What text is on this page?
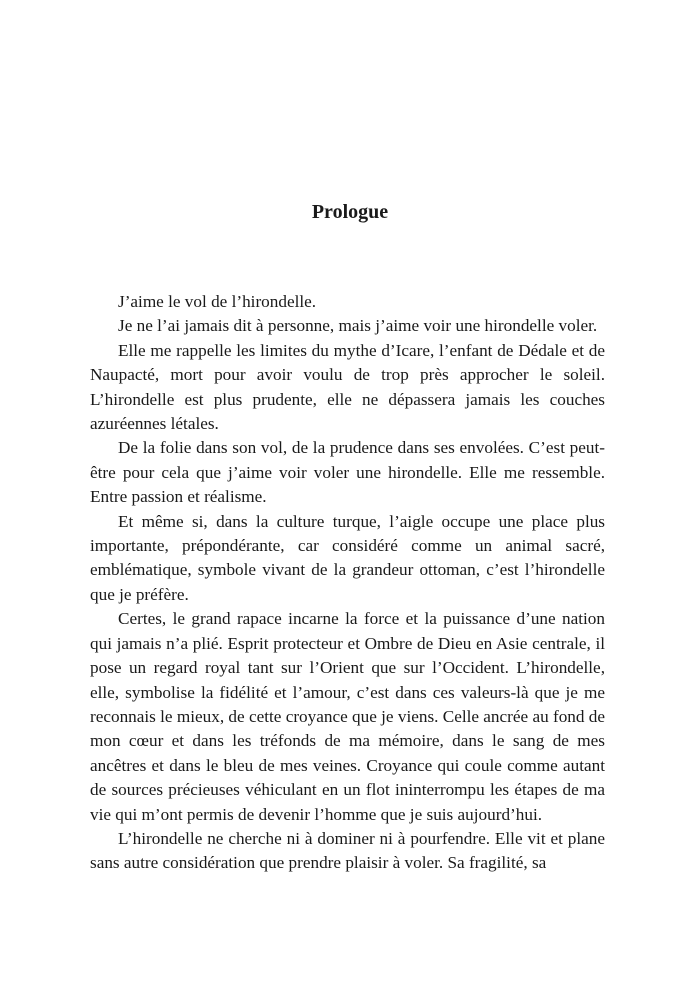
Prologue

J’aime le vol de l’hirondelle.

Je ne l’ai jamais dit à personne, mais j’aime voir une hirondelle voler.

Elle me rappelle les limites du mythe d’Icare, l’enfant de Dédale et de Naupacté, mort pour avoir voulu de trop près approcher le soleil. L’hirondelle est plus prudente, elle ne dépassera jamais les couches azuréennes létales.

De la folie dans son vol, de la prudence dans ses envolées. C’est peut-être pour cela que j’aime voir voler une hirondelle. Elle me ressemble. Entre passion et réalisme.

Et même si, dans la culture turque, l’aigle occupe une place plus importante, prépondérante, car considéré comme un animal sacré, emblématique, symbole vivant de la grandeur ottoman, c’est l’hirondelle que je préfère.

Certes, le grand rapace incarne la force et la puissance d’une nation qui jamais n’a plié. Esprit protecteur et Ombre de Dieu en Asie centrale, il pose un regard royal tant sur l’Orient que sur l’Occident. L’hirondelle, elle, symbolise la fidélité et l’amour, c’est dans ces valeurs-là que je me reconnais le mieux, de cette croyance que je viens. Celle ancrée au fond de mon cœur et dans les tréfonds de ma mémoire, dans le sang de mes ancêtres et dans le bleu de mes veines. Croyance qui coule comme autant de sources précieuses véhiculant en un flot ininterrompu les étapes de ma vie qui m’ont permis de devenir l’homme que je suis aujourd’hui.

L’hirondelle ne cherche ni à dominer ni à pourfendre. Elle vit et plane sans autre considération que prendre plaisir à voler. Sa fragilité, sa
